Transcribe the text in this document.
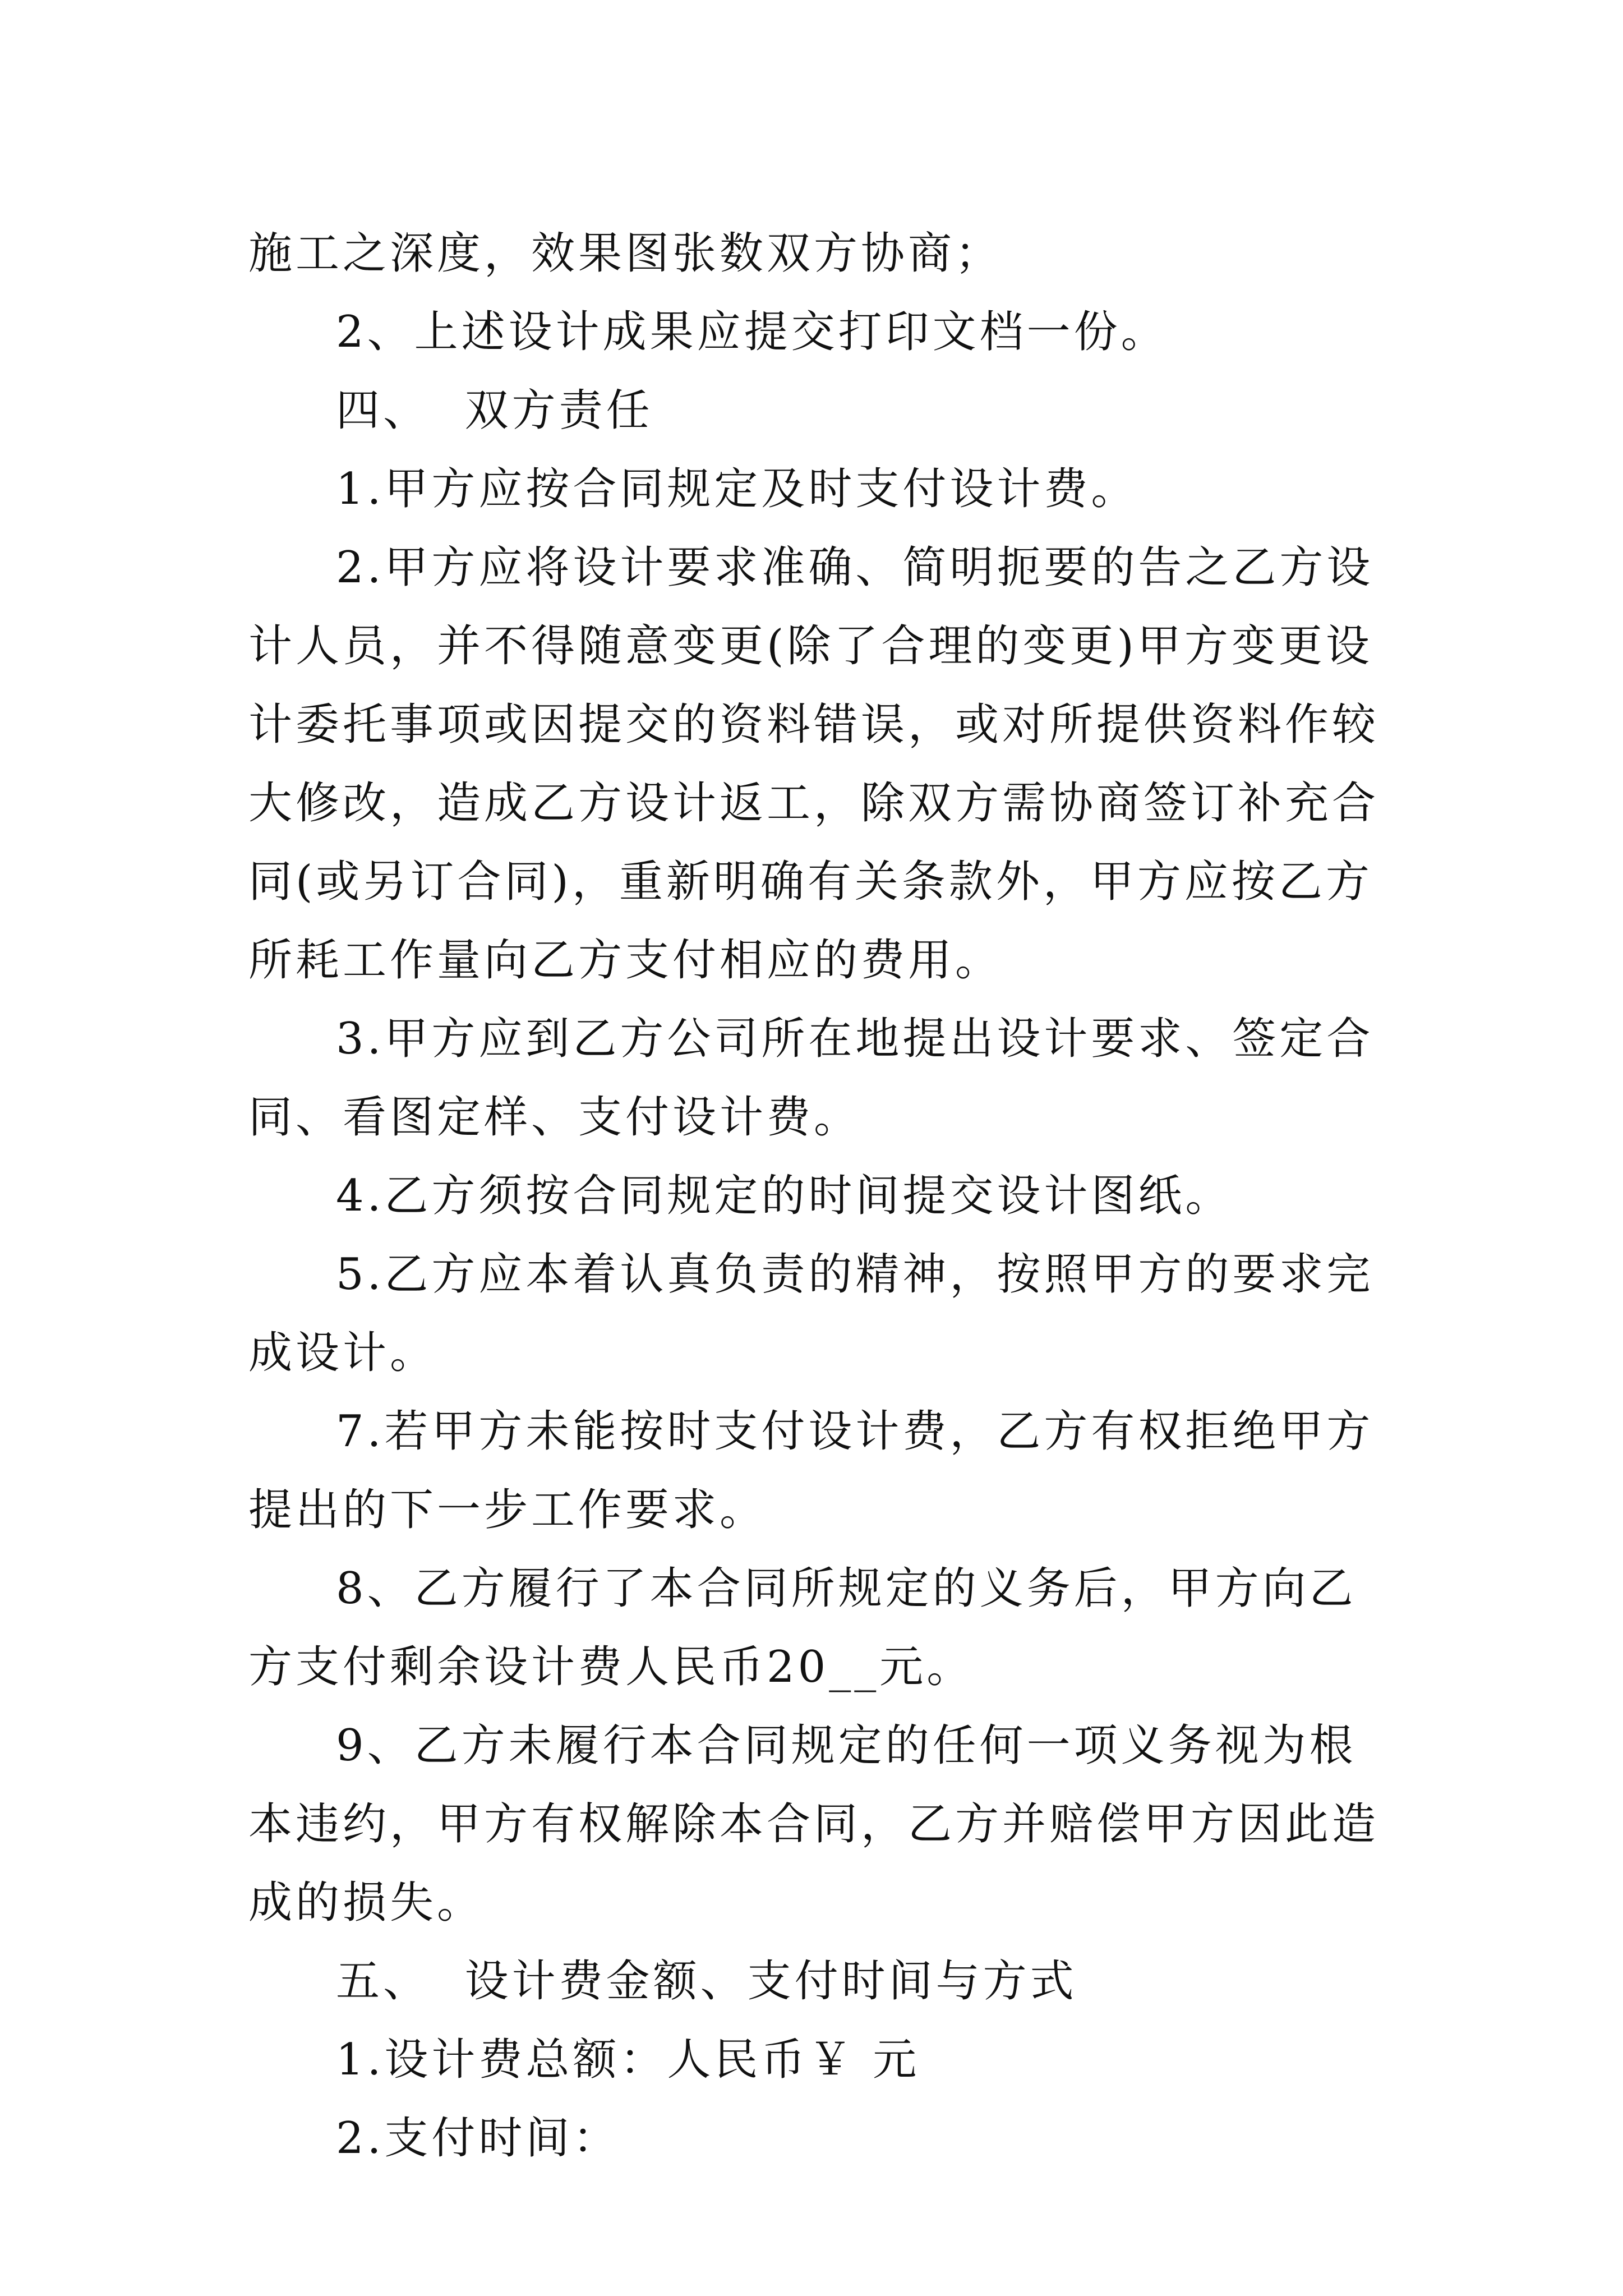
施工之深度，效果图张数双方协商；

2、上述设计成果应提交打印文档一份。

四、  双方责任

1.甲方应按合同规定及时支付设计费。

2.甲方应将设计要求准确、简明扼要的告之乙方设计人员，并不得随意变更(除了合理的变更)甲方变更设计委托事项或因提交的资料错误，或对所提供资料作较大修改，造成乙方设计返工，除双方需协商签订补充合同(或另订合同)，重新明确有关条款外，甲方应按乙方所耗工作量向乙方支付相应的费用。

3.甲方应到乙方公司所在地提出设计要求、签定合同、看图定样、支付设计费。

4.乙方须按合同规定的时间提交设计图纸。

5.乙方应本着认真负责的精神，按照甲方的要求完成设计。

7.若甲方未能按时支付设计费，乙方有权拒绝甲方提出的下一步工作要求。

8、乙方履行了本合同所规定的义务后，甲方向乙方支付剩余设计费人民币20__元。

9、乙方未履行本合同规定的任何一项义务视为根本违约，甲方有权解除本合同，乙方并赔偿甲方因此造成的损失。

五、  设计费金额、支付时间与方式

1.设计费总额：人民币￥ 元

2.支付时间：
